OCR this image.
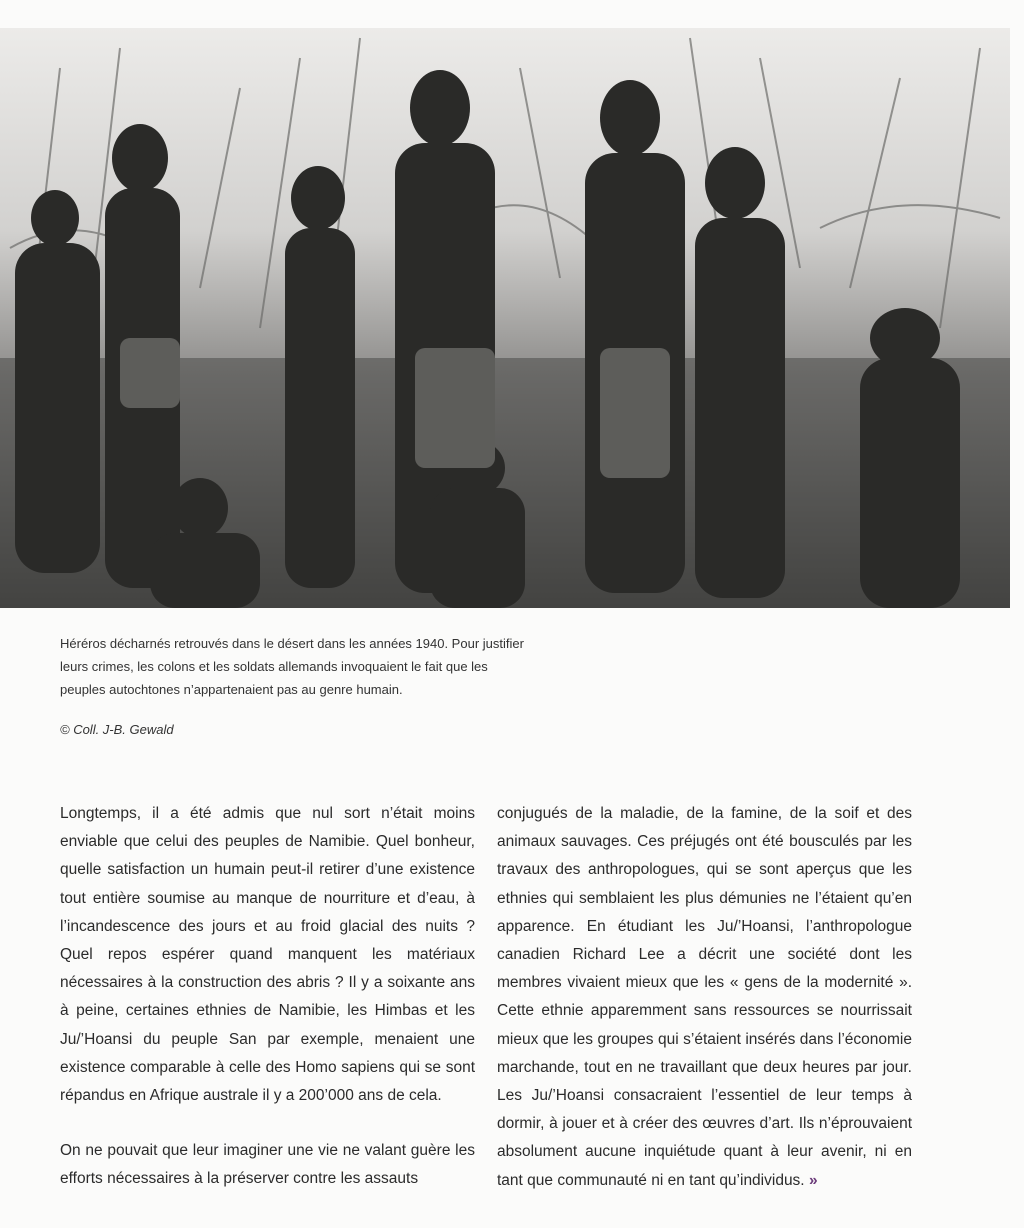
Héréros décharnés retrouvés dans le désert dans les années 1940. Pour justifier leurs crimes, les colons et les soldats allemands invoquaient le fait que les peuples autochtones n’appartenaient pas au genre humain.

© Coll. J-B. Gewald

Longtemps, il a été admis que nul sort n’était moins enviable que celui des peuples de Namibie. Quel bonheur, quelle satisfaction un humain peut-il retirer d’une existence tout entière soumise au manque de nourriture et d’eau, à l’incandescence des jours et au froid glacial des nuits ? Quel repos espérer quand manquent les matériaux nécessaires à la construction des abris ? Il y a soixante ans à peine, certaines ethnies de Namibie, les Himbas et les Ju/’Hoansi du peuple San par exemple, menaient une existence comparable à celle des Homo sapiens qui se sont répandus en Afrique australe il y a 200’000 ans de cela.

On ne pouvait que leur imaginer une vie ne valant guère les efforts nécessaires à la préserver contre les assauts

conjugués de la maladie, de la famine, de la soif et des animaux sauvages. Ces préjugés ont été bousculés par les travaux des anthropologues, qui se sont aperçus que les ethnies qui semblaient les plus démunies ne l’étaient qu’en apparence. En étudiant les Ju/’Hoansi, l’anthropologue canadien Richard Lee a décrit une société dont les membres vivaient mieux que les « gens de la modernité ». Cette ethnie apparemment sans ressources se nourrissait mieux que les groupes qui s’étaient insérés dans l’économie marchande, tout en ne travaillant que deux heures par jour. Les Ju/’Hoansi consacraient l’essentiel de leur temps à dormir, à jouer et à créer des œuvres d’art. Ils n’éprouvaient absolument aucune inquiétude quant à leur avenir, ni en tant que communauté ni en tant qu’individus. »
